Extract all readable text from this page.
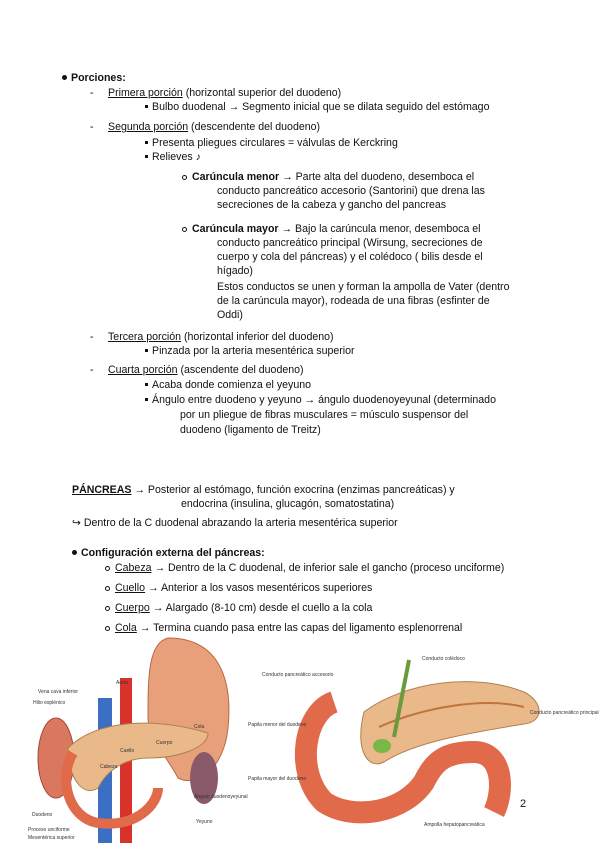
Porciones:
- Primera porción (horizontal superior del duodeno)
Bulbo duodenal → Segmento inicial que se dilata seguido del estómago
- Segunda porción (descendente del duodeno)
Presenta pliegues circulares = válvulas de Kerckring
Relieves ♪
Carúncula menor → Parte alta del duodeno, desemboca el
conducto pancreático accesorio (Santorini) que drena las
secreciones de la cabeza y gancho del pancreas
Carúncula mayor → Bajo la carúncula menor, desemboca el
conducto pancreático principal (Wirsung, secreciones de
cuerpo y cola del páncreas) y el colédoco ( bilis desde el
hígado)
Estos conductos se unen y forman la ampolla de Vater (dentro
de la carúncula mayor), rodeada de una fibras (esfinter de
Oddi)
- Tercera porción (horizontal inferior del duodeno)
Pinzada por la arteria mesentérica superior
- Cuarta porción (ascendente del duodeno)
Acaba donde comienza el yeyuno
Ángulo entre duodeno y yeyuno → ángulo duodenoyeyunal (determinado
por un pliegue de fibras musculares = músculo suspensor del
duodeno (ligamento de Treitz)
PÁNCREAS → Posterior al estómago, función exocrina (enzimas pancreáticas) y
endocrina (insulina, glucagón, somatostatina)
↪ Dentro de la C duodenal abrazando la arteria mesentérica superior
Configuración externa del páncreas:
Cabeza → Dentro de la C duodenal, de inferior sale el gancho (proceso unciforme)
Cuello → Anterior a los vasos mesentéricos superiores
Cuerpo → Alargado (8-10 cm) desde el cuello a la cola
Cola → Termina cuando pasa entre las capas del ligamento esplenorrenal
Vena cava inferior
Aorta
Hilio esplénico
Cuello
Cuerpo
Cola
Cabeza
Duodeno
Proceso unciforme
Mesentérica superior
Yeyuno
Ángulo duodenoyeyunal
Conducto colédoco
Conducto pancreático accesorio
Papila menor del duodeno
Conducto pancreático principal
Papila mayor del duodeno
Ampolla hepatopancreática
2
